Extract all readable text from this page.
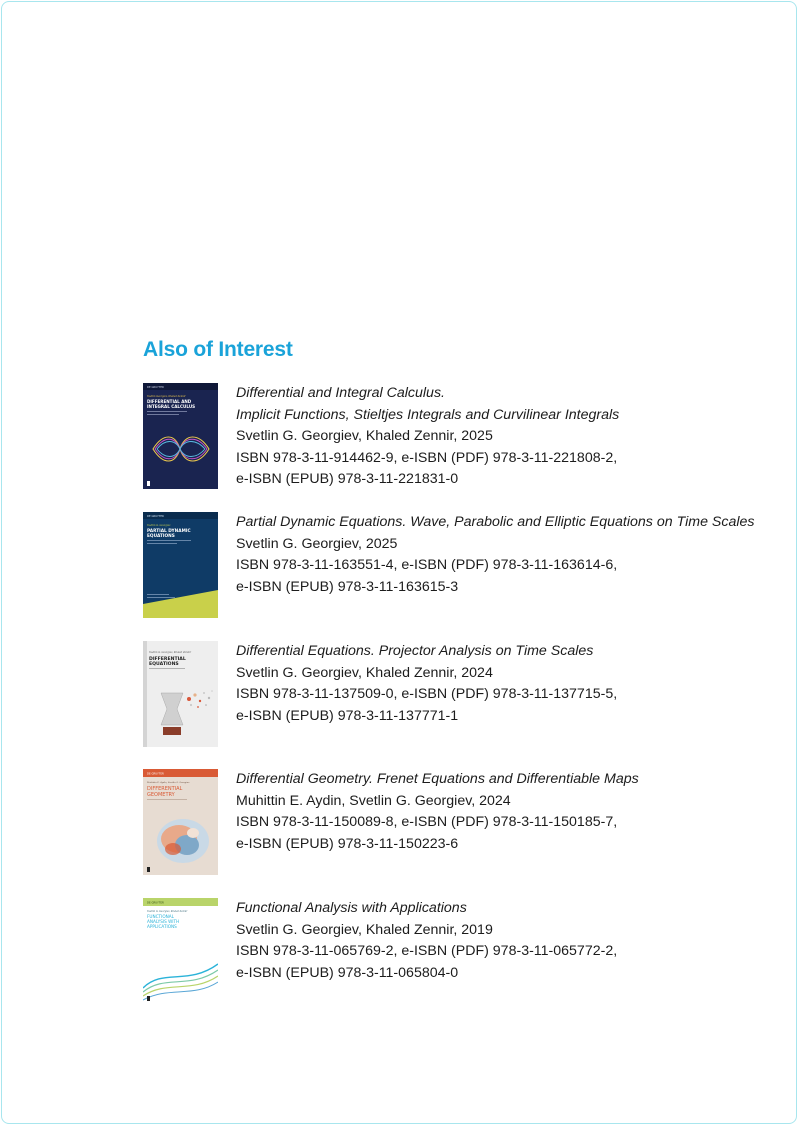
Also of Interest
DE GRUYTER
Svetlin Georgiev, Khaled Zennir
DIFFERENTIAL AND
INTEGRAL CALCULUS
Differential and Integral Calculus.
Implicit Functions, Stieltjes Integrals and Curvilinear Integrals
Svetlin G. Georgiev, Khaled Zennir, 2025
ISBN 978-3-11-914462-9, e-ISBN (PDF) 978-3-11-221808-2,
e-ISBN (EPUB) 978-3-11-221831-0
DE GRUYTER
Svetlin G. Georgiev
PARTIAL DYNAMIC
EQUATIONS
Partial Dynamic Equations. Wave, Parabolic and Elliptic Equations on Time Scales
Svetlin G. Georgiev, 2025
ISBN 978-3-11-163551-4, e-ISBN (PDF) 978-3-11-163614-6,
e-ISBN (EPUB) 978-3-11-163615-3
Svetlin G. Georgiev, Khaled Zennir
DIFFERENTIAL
EQUATIONS
Differential Equations. Projector Analysis on Time Scales
Svetlin G. Georgiev, Khaled Zennir, 2024
ISBN 978-3-11-137509-0, e-ISBN (PDF) 978-3-11-137715-5,
e-ISBN (EPUB) 978-3-11-137771-1
DE GRUYTER
Muhittin E. Aydin, Svetlin G. Georgiev
DIFFERENTIAL
GEOMETRY
Differential Geometry. Frenet Equations and Differentiable Maps
Muhittin E. Aydin, Svetlin G. Georgiev, 2024
ISBN 978-3-11-150089-8, e-ISBN (PDF) 978-3-11-150185-7,
e-ISBN (EPUB) 978-3-11-150223-6
DE GRUYTER
Svetlin G. Georgiev, Khaled Zennir
FUNCTIONAL
ANALYSIS WITH
APPLICATIONS
Functional Analysis with Applications
Svetlin G. Georgiev, Khaled Zennir, 2019
ISBN 978-3-11-065769-2, e-ISBN (PDF) 978-3-11-065772-2,
e-ISBN (EPUB) 978-3-11-065804-0
